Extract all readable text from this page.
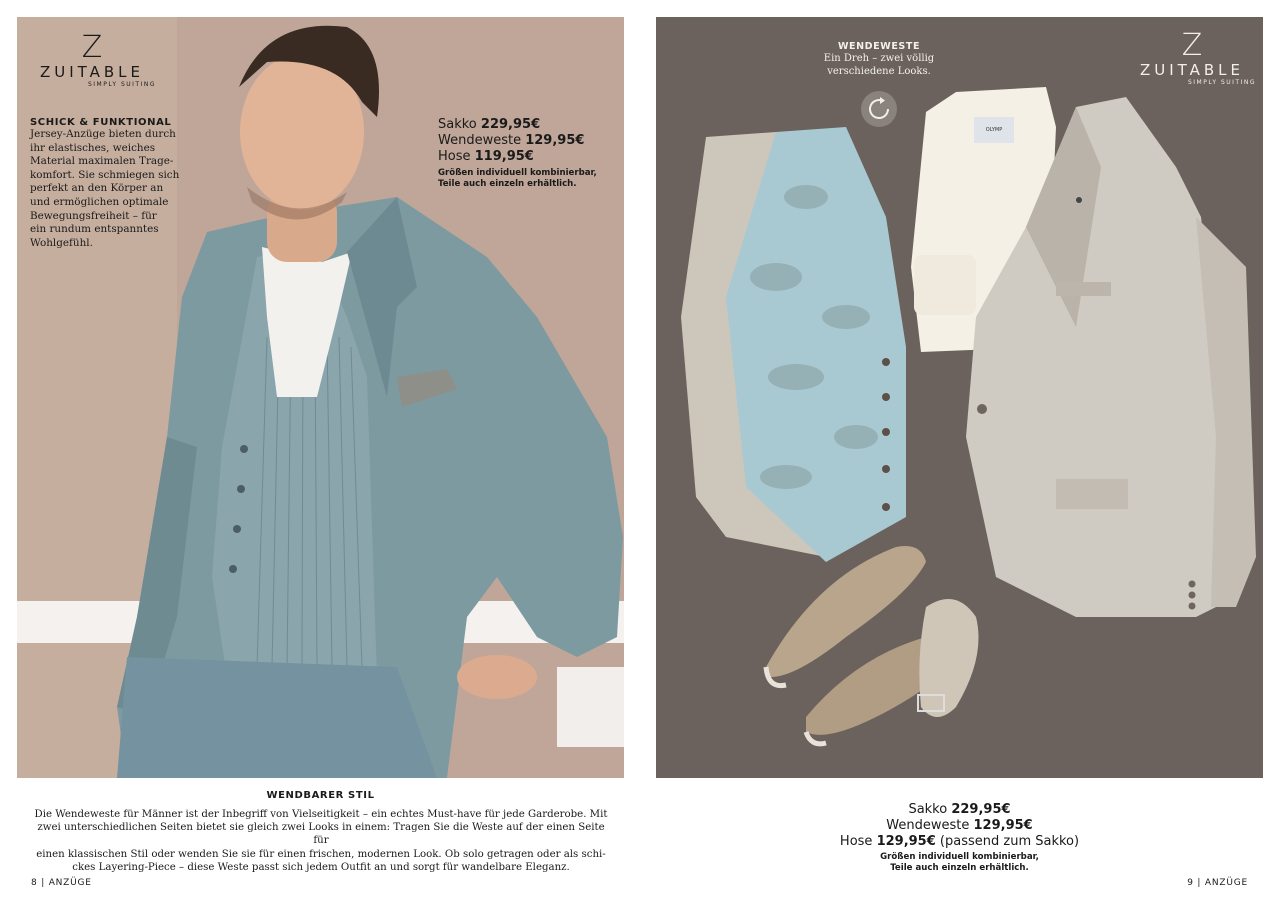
Z
ZUITABLE
SIMPLY SUITING
SCHICK & FUNKTIONAL
Jersey-Anzüge bieten durch
ihr elastisches, weiches
Material maximalen Trage-
komfort. Sie schmiegen sich
perfekt an den Körper an
und ermöglichen optimale
Bewegungsfreiheit – für
ein rundum entspanntes
Wohlgefühl.
Sakko 229,95€
Wendeweste 129,95€
Hose 119,95€
Größen individuell kombinierbar,
Teile auch einzeln erhältlich.
OLYMP
WENDEWESTE
Ein Dreh – zwei völlig
verschiedene Looks.
Z
ZUITABLE
SIMPLY SUITING
WENDBARER STIL
Die Wendeweste für Männer ist der Inbegriff von Vielseitigkeit – ein echtes Must-have für jede Garderobe. Mit
zwei unterschiedlichen Seiten bietet sie gleich zwei Looks in einem: Tragen Sie die Weste auf der einen Seite für
einen klassischen Stil oder wenden Sie sie für einen frischen, modernen Look. Ob solo getragen oder als schi-
ckes Layering-Piece – diese Weste passt sich jedem Outfit an und sorgt für wandelbare Eleganz.
Sakko 229,95€
Wendeweste 129,95€
Hose 129,95€ (passend zum Sakko)
Größen individuell kombinierbar,
Teile auch einzeln erhältlich.
8 | ANZÜGE	9 | ANZÜGE
